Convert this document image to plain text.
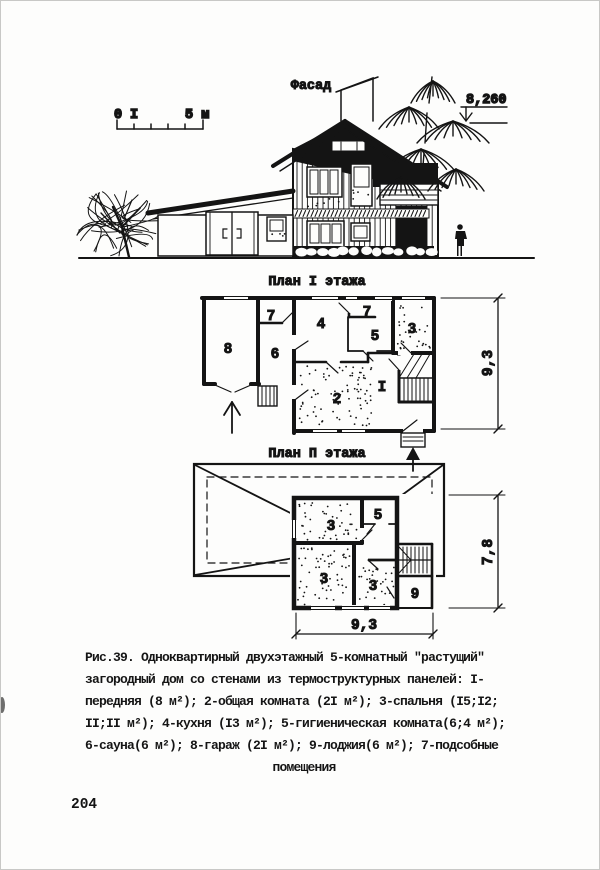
Фасад
0 I	5 м
8,260
План I этажа
9,3
8
7
6
4
7
5 3
2
I
План П этажа
7,8
9,3
3
5
3	3 9
Рис.39. Одноквартирный двухэтажный 5-комнатный "растущий"
загородный дом со стенами из термоструктурных панелей: I-
передняя (8 м²); 2-общая комната (2I м²); 3-спальня (I5;I2;
II;II м²); 4-кухня (I3 м²); 5-гигиеническая комната(6;4 м²);
6-сауна(6 м²); 8-гараж (2I м²); 9-лоджия(6 м²); 7-подсобные
помещения
204
